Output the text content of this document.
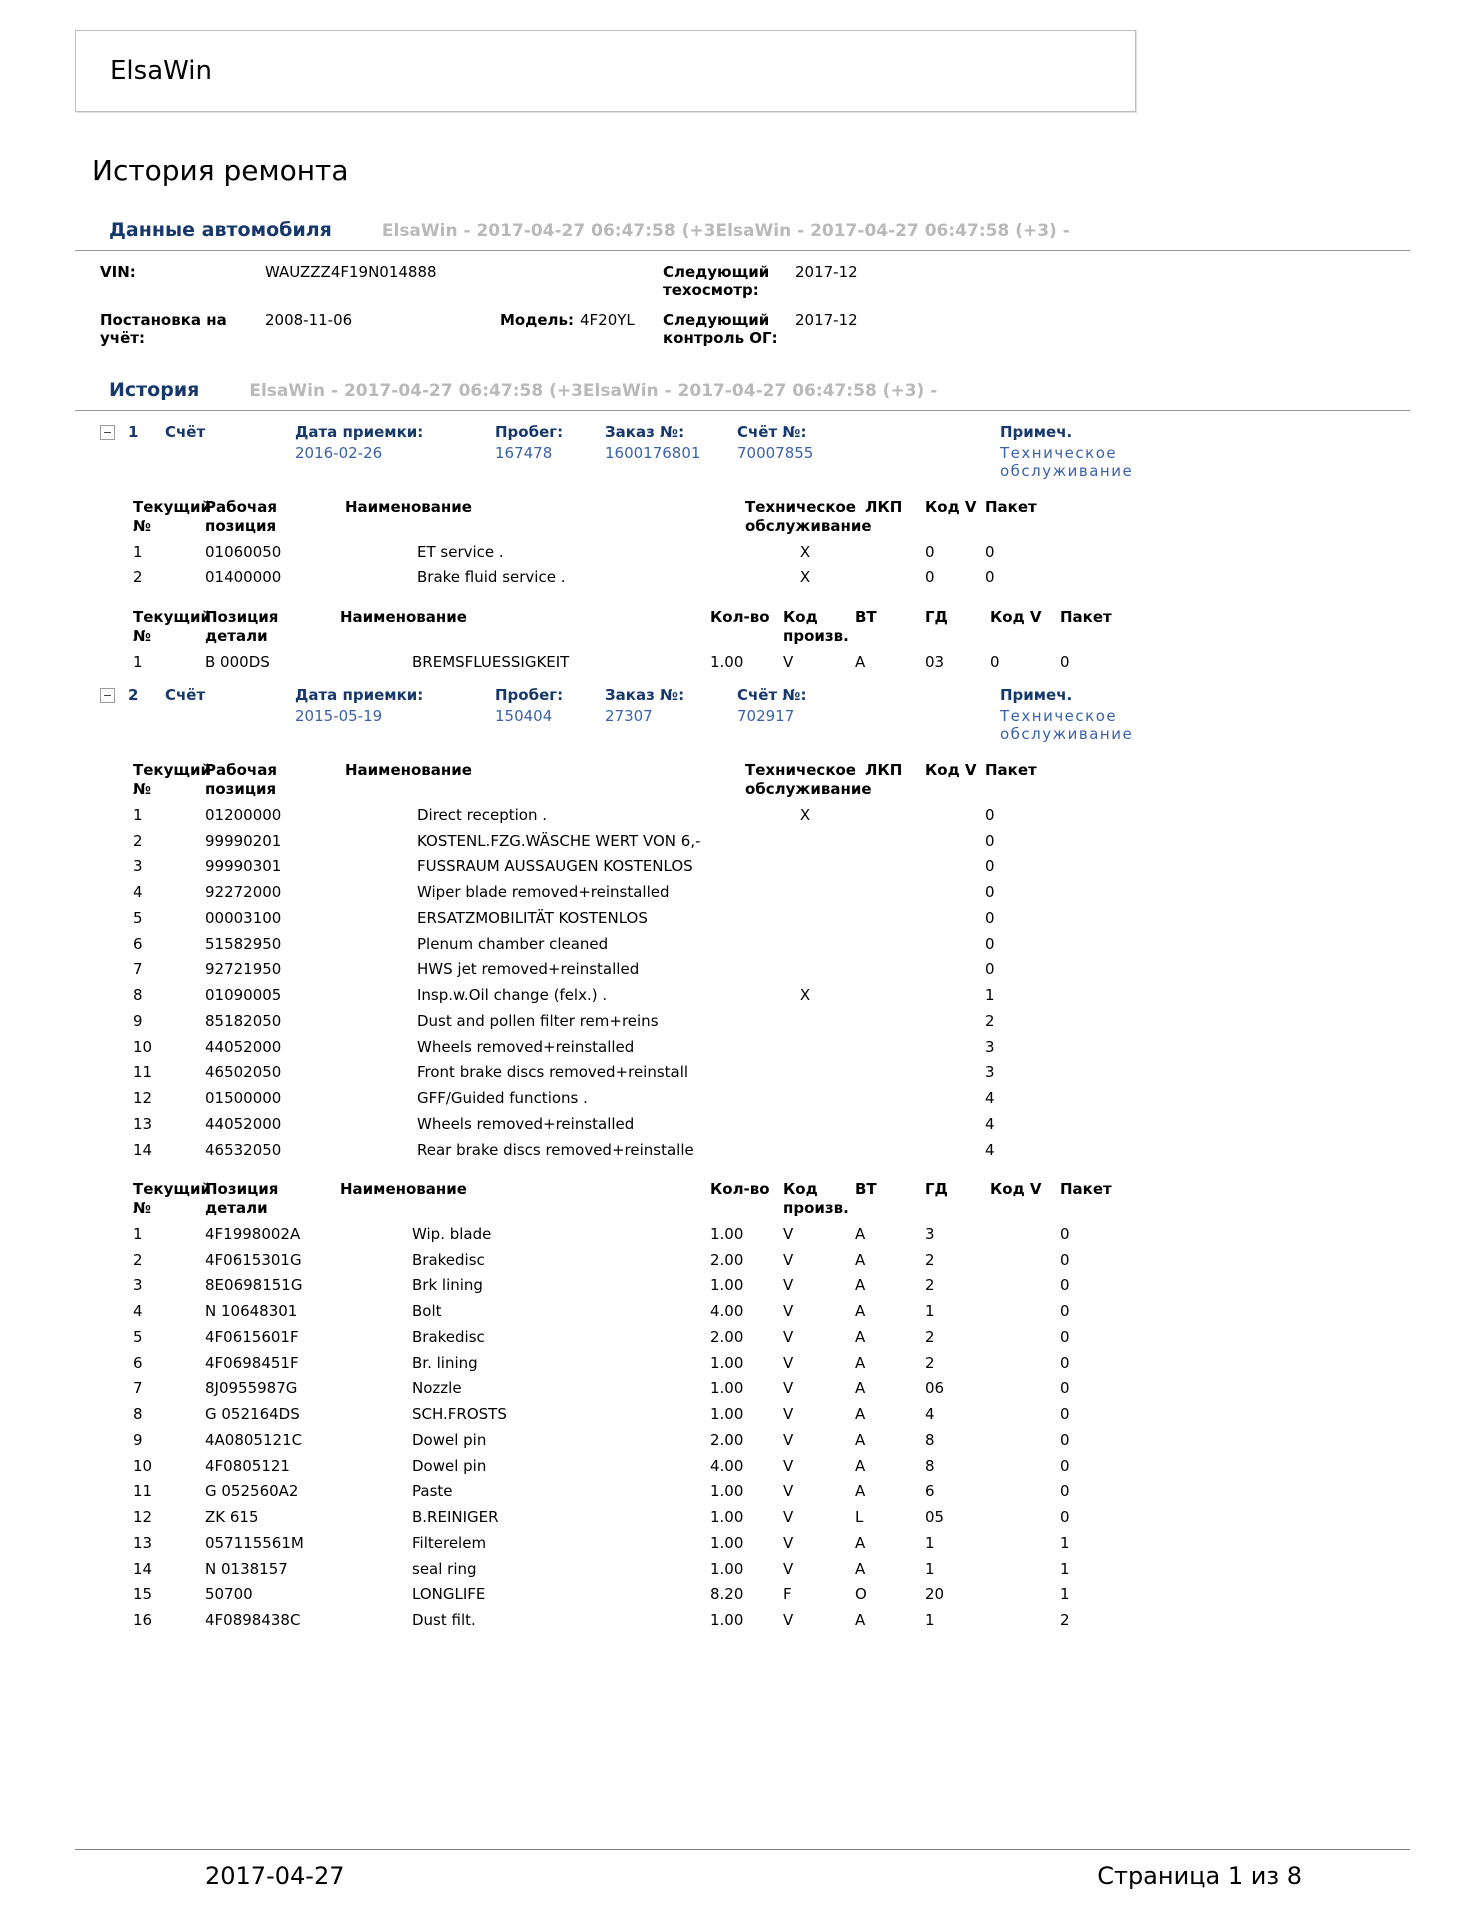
ElsaWin
История ремонта
Данные автомобиля	ElsaWin - 2017-04-27 06:47:58 (+3ElsaWin - 2017-04-27 06:47:58 (+3) -
VIN:	WAUZZZ4F19N014888	Следующий техосмотр:
2017-12
Постановка на учёт:
2008-11-06	Модель: 4F20YL	Следующий контроль ОГ:
2017-12
История	ElsaWin - 2017-04-27 06:47:58 (+3ElsaWin - 2017-04-27 06:47:58 (+3) -
1	Счёт	Дата приемки:
2016-02-26
Пробег:
167478
Заказ №:
1600176801
Счёт №:
70007855
Примеч.
Техническое обслуживание
Текущий №	Рабочая позиция	Наименование	Техническое обслуживание	ЛКП	Код V	Пакет
1	01060050	ET service .	X		0	0
2	01400000	Brake fluid service .	X		0	0
Текущий №	Позиция детали	Наименование	Кол-во	Код произв.	ВТ	ГД	Код V	Пакет
1	B 000DS	BREMSFLUESSIGKEIT	1.00	V	A	03	0	0
2	Счёт	Дата приемки:
2015-05-19
Пробег:
150404
Заказ №:
27307
Счёт №:
702917
Примеч.
Техническое обслуживание
Текущий №	Рабочая позиция	Наименование	Техническое обслуживание	ЛКП	Код V	Пакет
1	01200000	Direct reception .	X			0
2	99990201	KOSTENL.FZG.WÄSCHE WERT VON 6,-				0
3	99990301	FUSSRAUM AUSSAUGEN KOSTENLOS				0
4	92272000	Wiper blade removed+reinstalled				0
5	00003100	ERSATZMOBILITÄT KOSTENLOS				0
6	51582950	Plenum chamber cleaned				0
7	92721950	HWS jet removed+reinstalled				0
8	01090005	Insp.w.Oil change (felx.) .	X			1
9	85182050	Dust and pollen filter rem+reins				2
10	44052000	Wheels removed+reinstalled				3
11	46502050	Front brake discs removed+reinstall				3
12	01500000	GFF/Guided functions .				4
13	44052000	Wheels removed+reinstalled				4
14	46532050	Rear brake discs removed+reinstalle				4
Текущий №	Позиция детали	Наименование	Кол-во	Код произв.	ВТ	ГД	Код V	Пакет
1	4F1998002A	Wip. blade	1.00	V	A	3		0
2	4F0615301G	Brakedisc	2.00	V	A	2		0
3	8E0698151G	Brk lining	1.00	V	A	2		0
4	N 10648301	Bolt	4.00	V	A	1		0
5	4F0615601F	Brakedisc	2.00	V	A	2		0
6	4F0698451F	Br. lining	1.00	V	A	2		0
7	8J0955987G	Nozzle	1.00	V	A	06		0
8	G 052164DS	SCH.FROSTS	1.00	V	A	4		0
9	4A0805121C	Dowel pin	2.00	V	A	8		0
10	4F0805121	Dowel pin	4.00	V	A	8		0
11	G 052560A2	Paste	1.00	V	A	6		0
12	ZK 615	B.REINIGER	1.00	V	L	05		0
13	057115561M	Filterelem	1.00	V	A	1		1
14	N 0138157	seal ring	1.00	V	A	1		1
15	50700	LONGLIFE	8.20	F	O	20		1
16	4F0898438C	Dust filt.	1.00	V	A	1		2
2017-04-27	Страница 1 из 8
